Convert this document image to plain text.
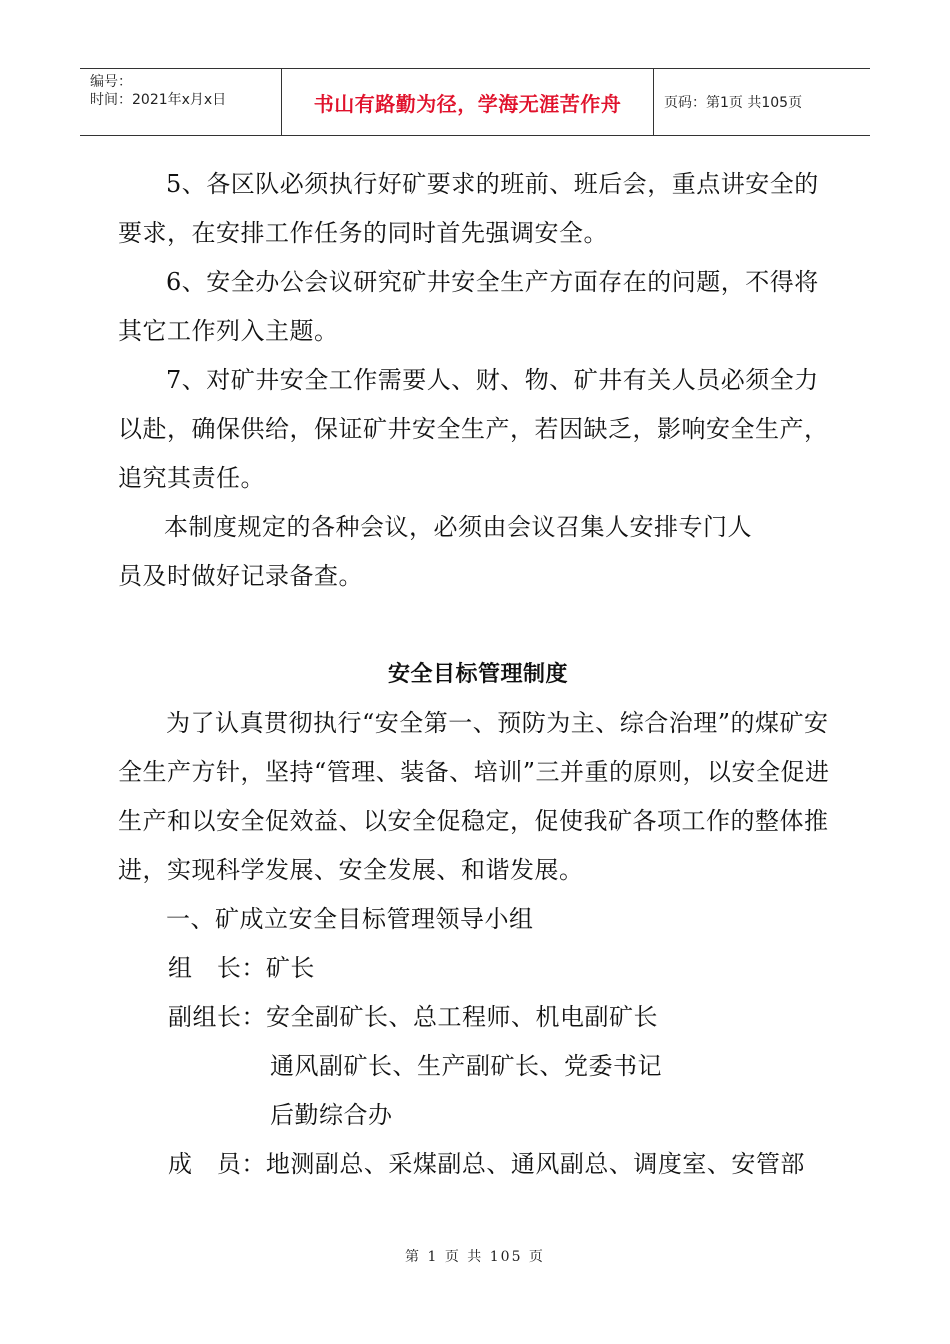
编号：
时间：2021年x月x日	书山有路勤为径，学海无涯苦作舟	页码：第1页 共105页

5、各区队必须执行好矿要求的班前、班后会，重点讲安全的要求，在安排工作任务的同时首先强调安全。

6、安全办公会议研究矿井安全生产方面存在的问题，不得将其它工作列入主题。

7、对矿井安全工作需要人、财、物、矿井有关人员必须全力以赴，确保供给，保证矿井安全生产，若因缺乏，影响安全生产，追究其责任。

本制度规定的各种会议，必须由会议召集人安排专门人

员及时做好记录备查。

安全目标管理制度

为了认真贯彻执行“安全第一、预防为主、综合治理”的煤矿安全生产方针，坚持“管理、装备、培训”三并重的原则，以安全促进生产和以安全促效益、以安全促稳定，促使我矿各项工作的整体推进，实现科学发展、安全发展、和谐发展。

一、矿成立安全目标管理领导小组

组   长：矿长

副组长：安全副矿长、总工程师、机电副矿长

通风副矿长、生产副矿长、党委书记

后勤综合办

成   员：地测副总、采煤副总、通风副总、调度室、安管部

第 1 页 共 105 页
